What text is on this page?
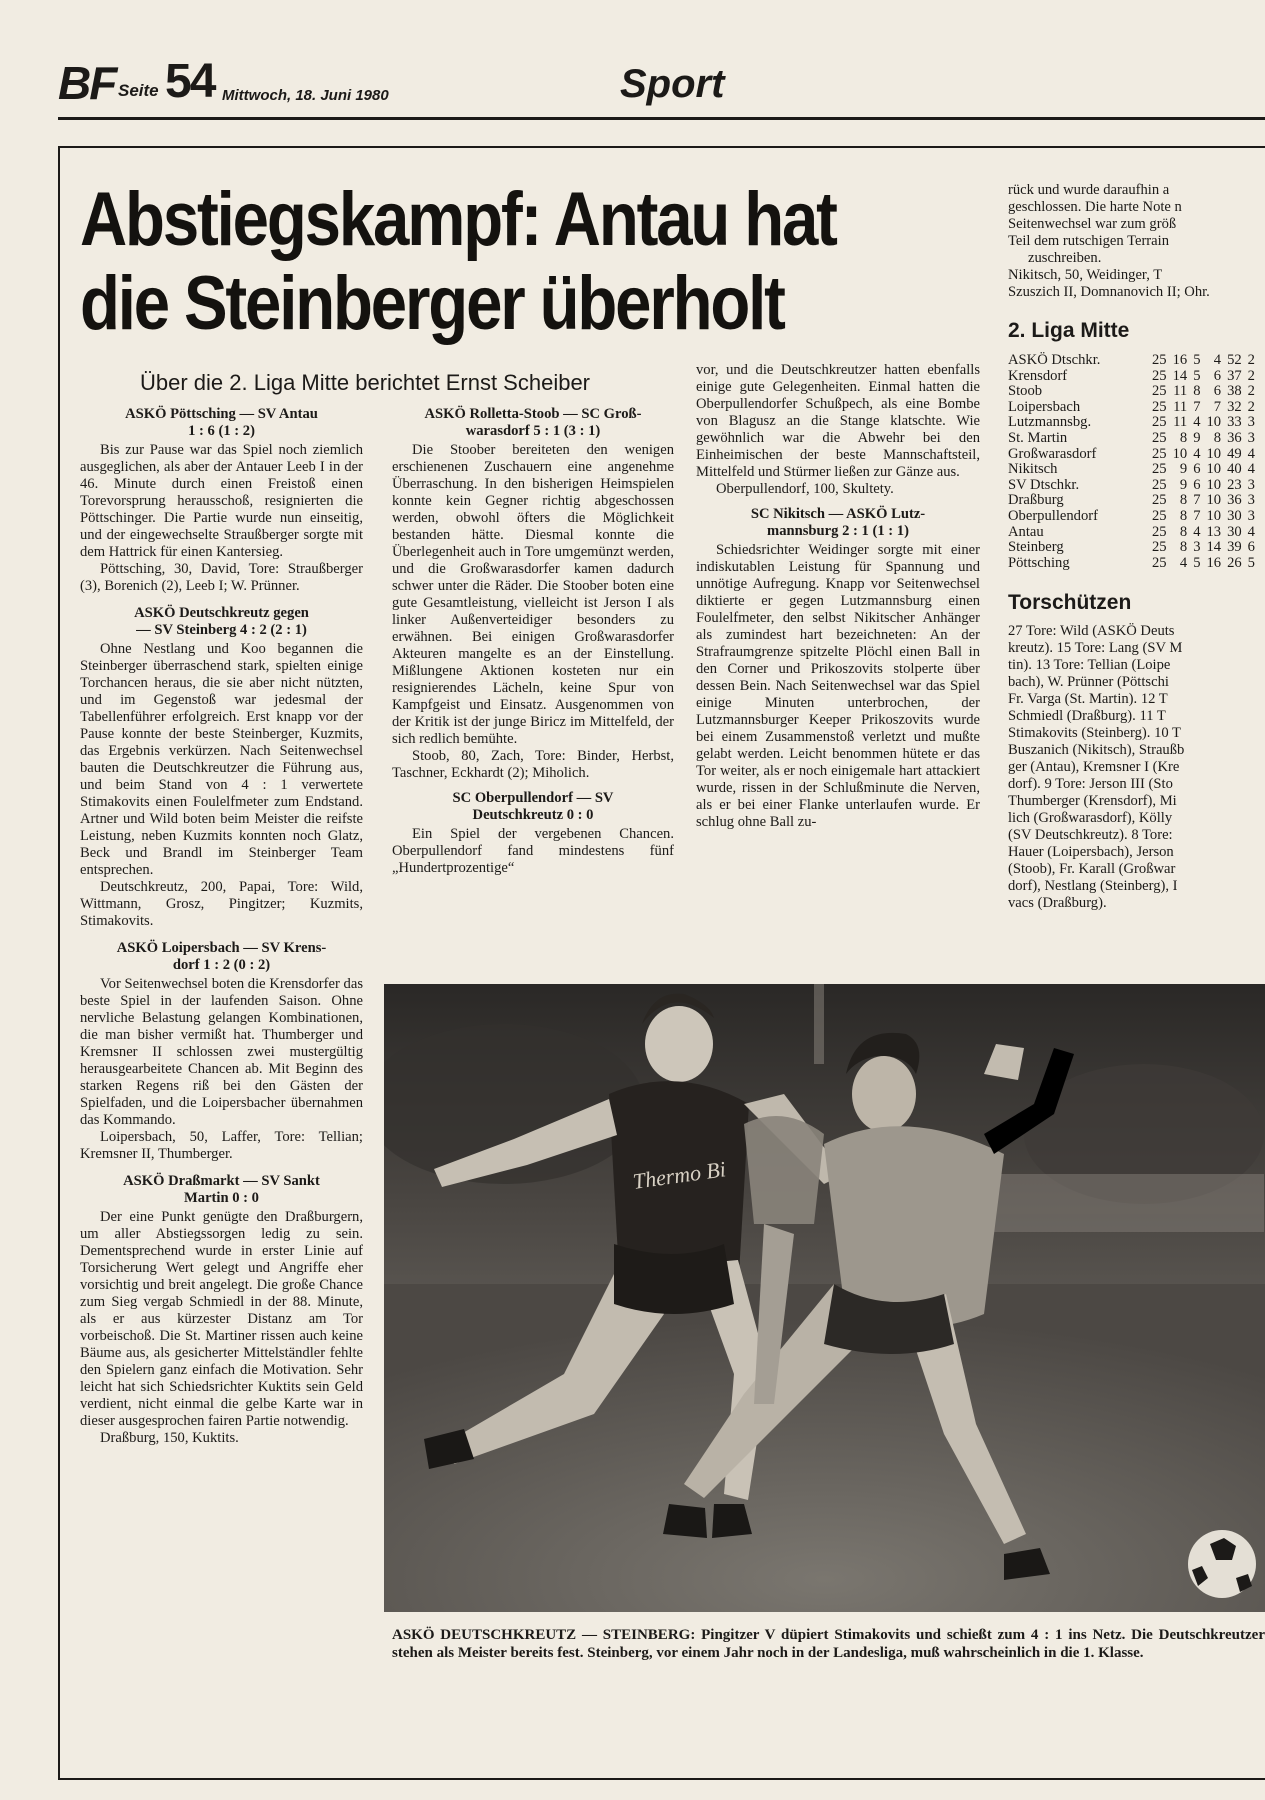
BF Seite 54 Mittwoch, 18. Juni 1980	Sport
Abstiegskampf: Antau hat
die Steinberger überholt
Über die 2. Liga Mitte berichtet Ernst Scheiber
ASKÖ Pöttsching — SV Antau
1 : 6 (1 : 2)

Bis zur Pause war das Spiel noch ziemlich ausgeglichen, als aber der Antauer Leeb I in der 46. Minute durch einen Freistoß einen Torevorsprung herausschoß, resignierten die Pöttschinger. Die Partie wurde nun einseitig, und der eingewechselte Straußberger sorgte mit dem Hattrick für einen Kantersieg.

Pöttsching, 30, David, Tore: Straußberger (3), Borenich (2), Leeb I; W. Prünner.

ASKÖ Deutschkreutz gegen
— SV Steinberg 4 : 2 (2 : 1)

Ohne Nestlang und Koo begannen die Steinberger überraschend stark, spielten einige Torchancen heraus, die sie aber nicht nützten, und im Gegenstoß war jedesmal der Tabellenführer erfolgreich. Erst knapp vor der Pause konnte der beste Steinberger, Kuzmits, das Ergebnis verkürzen. Nach Seitenwechsel bauten die Deutschkreutzer die Führung aus, und beim Stand von 4 : 1 verwertete Stimakovits einen Foulelfmeter zum Endstand. Artner und Wild boten beim Meister die reifste Leistung, neben Kuzmits konnten noch Glatz, Beck und Brandl im Steinberger Team entsprechen.

Deutschkreutz, 200, Papai, Tore: Wild, Wittmann, Grosz, Pingitzer; Kuzmits, Stimakovits.

ASKÖ Loipersbach — SV Krens-
dorf 1 : 2 (0 : 2)

Vor Seitenwechsel boten die Krensdorfer das beste Spiel in der laufenden Saison. Ohne nervliche Belastung gelangen Kombinationen, die man bisher vermißt hat. Thumberger und Kremsner II schlossen zwei mustergültig herausgearbeitete Chancen ab. Mit Beginn des starken Regens riß bei den Gästen der Spielfaden, und die Loipersbacher übernahmen das Kommando.

Loipersbach, 50, Laffer, Tore: Tellian; Kremsner II, Thumberger.

ASKÖ Draßmarkt — SV Sankt
Martin 0 : 0

Der eine Punkt genügte den Draßburgern, um aller Abstiegssorgen ledig zu sein. Dementsprechend wurde in erster Linie auf Torsicherung Wert gelegt und Angriffe eher vorsichtig und breit angelegt. Die große Chance zum Sieg vergab Schmiedl in der 88. Minute, als er aus kürzester Distanz am Tor vorbeischoß. Die St. Martiner rissen auch keine Bäume aus, als gesicherter Mittelständler fehlte den Spielern ganz einfach die Motivation. Sehr leicht hat sich Schiedsrichter Kuktits sein Geld verdient, nicht einmal die gelbe Karte war in dieser ausgesprochen fairen Partie notwendig.

Draßburg, 150, Kuktits.

ASKÖ Rolletta-Stoob — SC Groß-
warasdorf 5 : 1 (3 : 1)

Die Stoober bereiteten den wenigen erschienenen Zuschauern eine angenehme Überraschung. In den bisherigen Heimspielen konnte kein Gegner richtig abgeschossen werden, obwohl öfters die Möglichkeit bestanden hätte. Diesmal konnte die Überlegenheit auch in Tore umgemünzt werden, und die Großwarasdorfer kamen dadurch schwer unter die Räder. Die Stoober boten eine gute Gesamtleistung, vielleicht ist Jerson I als linker Außenverteidiger besonders zu erwähnen. Bei einigen Großwarasdorfer Akteuren mangelte es an der Einstellung. Mißlungene Aktionen kosteten nur ein resignierendes Lächeln, keine Spur von Kampfgeist und Einsatz. Ausgenommen von der Kritik ist der junge Biricz im Mittelfeld, der sich redlich bemühte.

Stoob, 80, Zach, Tore: Binder, Herbst, Taschner, Eckhardt (2); Miholich.

SC Oberpullendorf — SV
Deutschkreutz 0 : 0

Ein Spiel der vergebenen Chancen. Oberpullendorf fand mindestens fünf „Hundertprozentige“

vor, und die Deutschkreutzer hatten ebenfalls einige gute Gelegenheiten. Einmal hatten die Oberpullendorfer Schußpech, als eine Bombe von Blagusz an die Stange klatschte. Wie gewöhnlich war die Abwehr bei den Einheimischen der beste Mannschaftsteil, Mittelfeld und Stürmer ließen zur Gänze aus.

Oberpullendorf, 100, Skultety.

SC Nikitsch — ASKÖ Lutz-
mannsburg 2 : 1 (1 : 1)

Schiedsrichter Weidinger sorgte mit einer indiskutablen Leistung für Spannung und unnötige Aufregung. Knapp vor Seitenwechsel diktierte er gegen Lutzmannsburg einen Foulelfmeter, den selbst Nikitscher Anhänger als zumindest hart bezeichneten: An der Strafraumgrenze spitzelte Plöchl einen Ball in den Corner und Prikoszovits stolperte über dessen Bein. Nach Seitenwechsel war das Spiel einige Minuten unterbrochen, der Lutzmannsburger Keeper Prikoszovits wurde bei einem Zusammenstoß verletzt und mußte gelabt werden. Leicht benommen hütete er das Tor weiter, als er noch einigemale hart attackiert wurde, rissen in der Schlußminute die Nerven, als er bei einer Flanke unterlaufen wurde. Er schlug ohne Ball zu-

rück und wurde daraufhin a

geschlossen. Die harte Note n

Seitenwechsel war zum größ

Teil dem rutschigen Terrain

zuschreiben.

Nikitsch, 50, Weidinger, T

Szuszich II, Domnanovich II; Ohr.

2. Liga Mitte
ASKÖ Dtschkr.	25	16	5	4	52	2
Krensdorf	25	14	5	6	37	2
Stoob	25	11	8	6	38	2
Loipersbach	25	11	7	7	32	2
Lutzmannsbg.	25	11	4	10	33	3
St. Martin	25	8	9	8	36	3
Großwarasdorf	25	10	4	10	49	4
Nikitsch	25	9	6	10	40	4
SV Dtschkr.	25	9	6	10	23	3
Draßburg	25	8	7	10	36	3
Oberpullendorf	25	8	7	10	30	3
Antau	25	8	4	13	30	4
Steinberg	25	8	3	14	39	6
Pöttsching	25	4	5	16	26	5
Torschützen

27 Tore: Wild (ASKÖ Deuts

kreutz). 15 Tore: Lang (SV M

tin). 13 Tore: Tellian (Loipe

bach), W. Prünner (Pöttschi

Fr. Varga (St. Martin). 12 T

Schmiedl (Draßburg). 11 T

Stimakovits (Steinberg). 10 T

Buszanich (Nikitsch), Straußb

ger (Antau), Kremsner I (Kre

dorf). 9 Tore: Jerson III (Sto

Thumberger (Krensdorf), Mi

lich (Großwarasdorf), Kölly

(SV Deutschkreutz). 8 Tore:

Hauer (Loipersbach), Jerson

(Stoob), Fr. Karall (Großwar

dorf), Nestlang (Steinberg), I

vacs (Draßburg).

Thermo Bi
ASKÖ DEUTSCHKREUTZ — STEINBERG: Pingitzer V düpiert Stimakovits und schießt zum 4 : 1 ins Netz. Die Deutschkreutzer stehen als Meister bereits fest. Steinberg, vor einem Jahr noch in der Landesliga, muß wahrscheinlich in die 1. Klasse.
